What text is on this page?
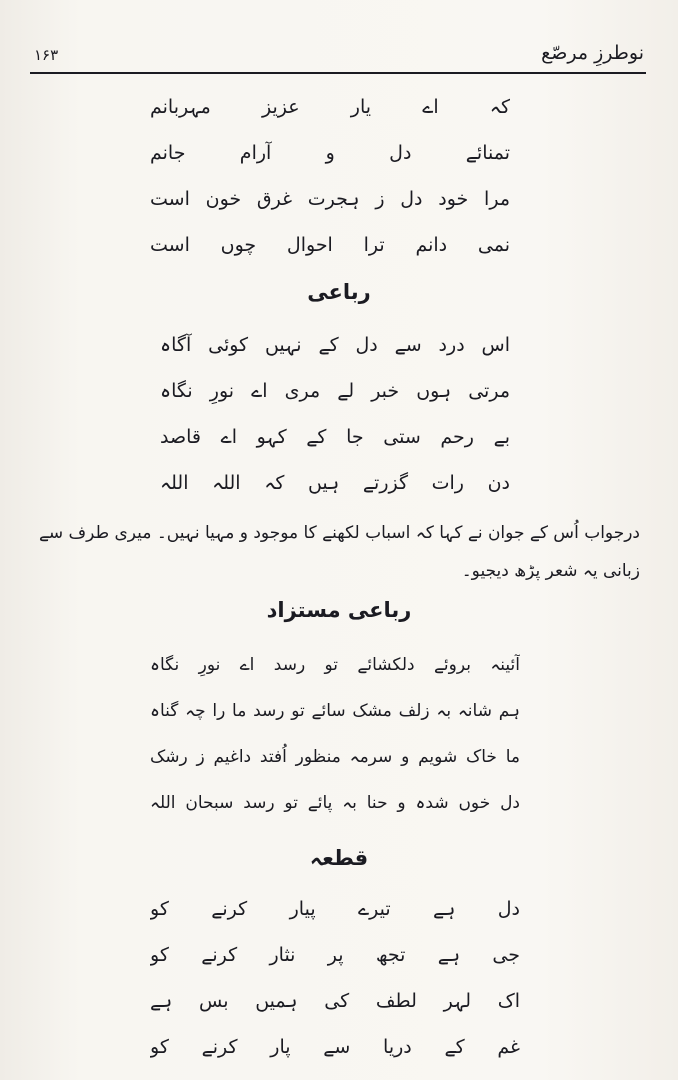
۱۶۳	نوطرزِ مرصّع
کہ اے یار عزیز مہربانم
تمنائے دل و آرام جانم
مرا خود دل ز ہجرت غرق خون است
نمی دانم ترا احوال چوں است
رباعی
اس درد سے دل کے نہیں کوئی آگاہ
مرتی ہوں خبر لے مری اے نورِ نگاہ
بے رحم ستی جا کے کہو اے قاصد
دن رات گزرتے ہیں کہ اللہ اللہ
درجواب اُس کے جوان نے کہا کہ اسباب لکھنے کا موجود و مہیا نہیں۔ میری طرف سے
زبانی یہ شعر پڑھ دیجیو۔
رباعی مستزاد
آئینہ بروئے دلکشائے تو رسد اے نورِ نگاہ
ہم شانہ بہ زلف مشک سائے تو رسد ما را چہ گناہ
ما خاک شویم و سرمہ منظور اُفتد داغیم ز رشک
دل خوں شدہ و حنا بہ پائے تو رسد سبحان اللہ
قطعہ
دل ہے تیرے پیار کرنے کو
جی ہے تجھ پر نثار کرنے کو
اک لہر لطف کی ہمیں بس ہے
غم کے دریا سے پار کرنے کو
